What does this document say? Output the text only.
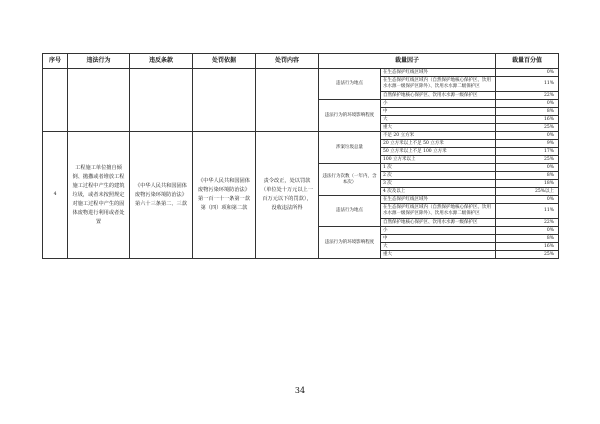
序号	违法行为	违反条款	处罚依据	处罚内容	裁量因子		裁量百分值
					违法行为地点	在生态保护红线区域外	0%
						在生态保护红线区域内（自然保护地核心保护区、饮用水水源一级保护区除外）、饮用水水源二级保护区	11%
						自然保护地核心保护区、饮用水水源一级保护区	22%
					违法行为的环境影响程度	小	0%
						中	8%
						大	16%
						重大	25%
4	工程施工单位擅自倾倒、抛撒或者堆放工程施工过程中产生的建筑垃圾，或者未按照规定对施工过程中产生的固体废物进行利用或者处置	《中华人民共和国固体废物污染环境防治法》第六十三条第二、三款	《中华人民共和国固体废物污染环境防治法》第一百一十一条第一款第（四）项和第二款	责令改正，处以罚款（单位处十万元以上一百万元以下的罚款），没收违法所得	涉案垃圾总量	不足 20 立方米	0%
						20 立方米以上不足 50 立方米	9%
						50 立方米以上不足 100 立方米	17%
						100 立方米以上	25%
					违法行为次数（一年内，含本次）	1 次	0%
						2 次	8%
						3 次	18%
						4 次及以上	25%以上
					违法行为地点	在生态保护红线区域外	0%
						在生态保护红线区域内（自然保护地核心保护区、饮用水水源一级保护区除外）、饮用水水源二级保护区	11%
						自然保护地核心保护区、饮用水水源一级保护区	22%
					违法行为的环境影响程度	小	0%
						中	8%
						大	16%
						重大	25%
34
